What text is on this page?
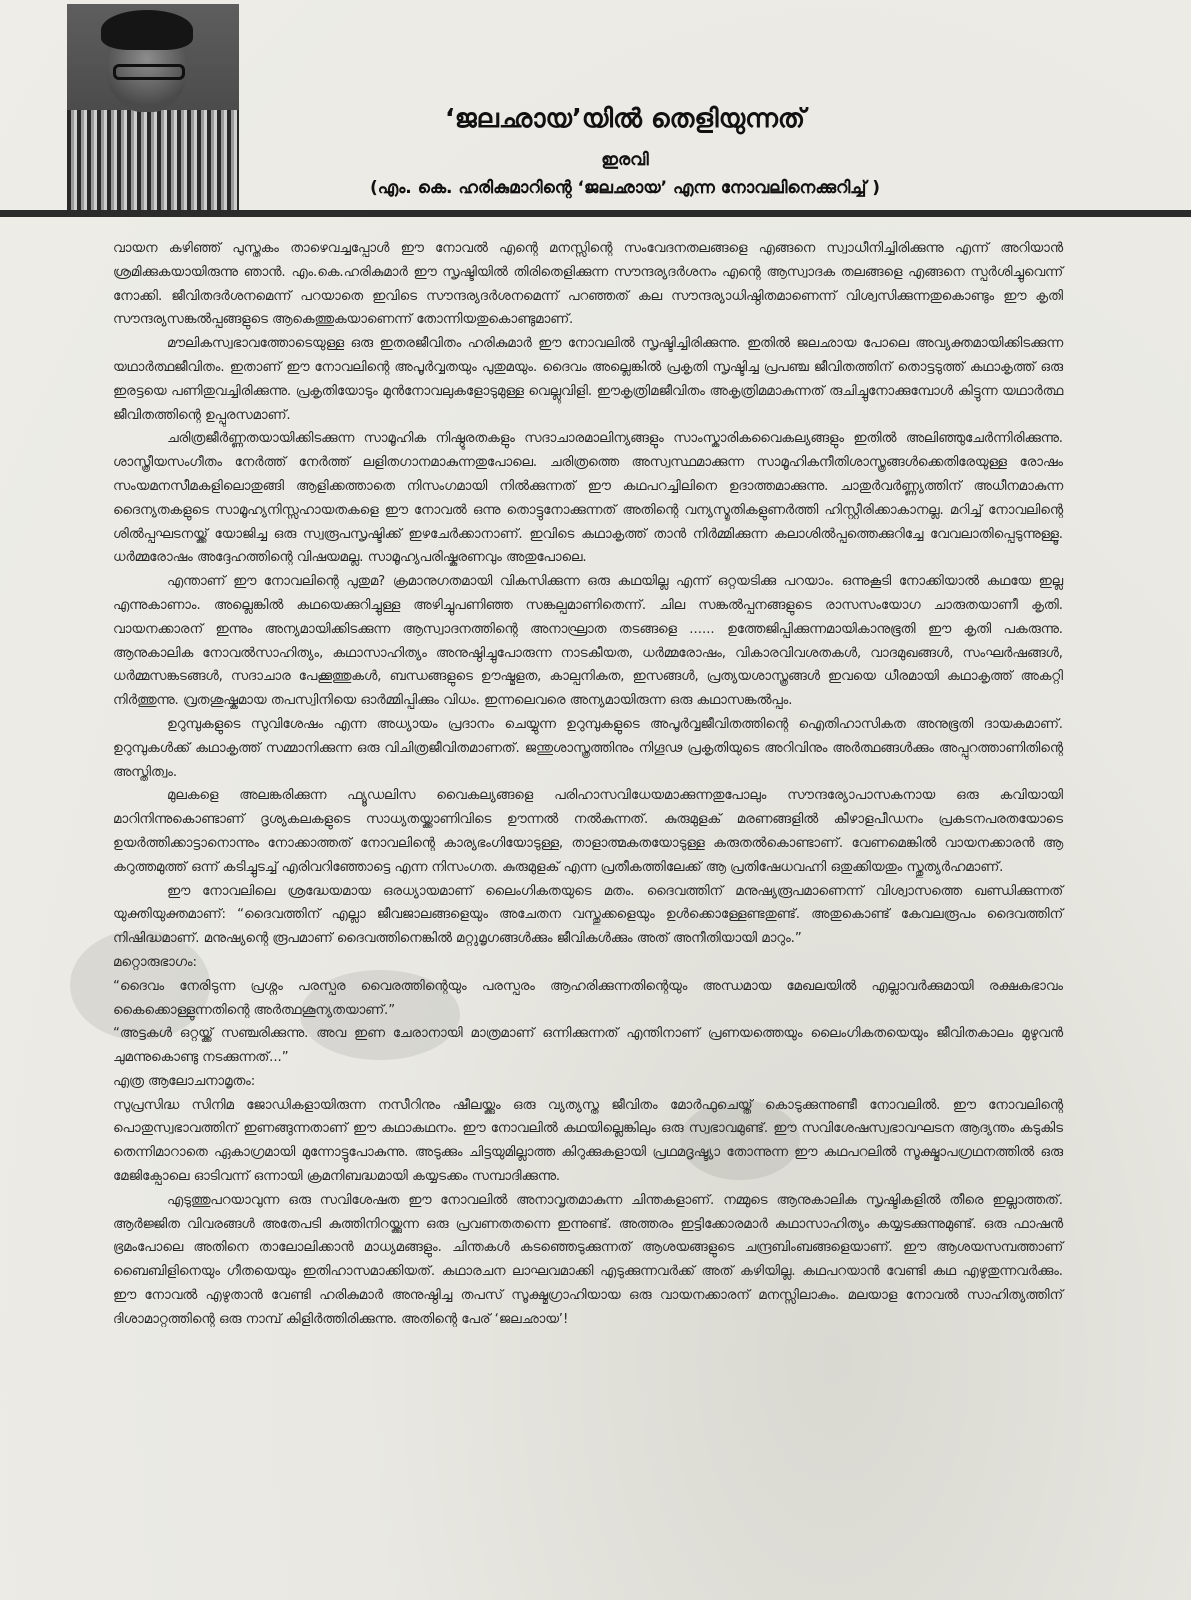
‘ജലഛായ’യിൽ തെളിയുന്നത്
ഇരവി
(എം. കെ. ഹരികുമാറിന്റെ ‘ജലഛായ’ എന്ന നോവലിനെക്കുറിച്ച് )

വായന കഴിഞ്ഞ് പുസ്തകം താഴെവച്ചപ്പോൾ ഈ നോവൽ എന്റെ മനസ്സിന്റെ സംവേദനതലങ്ങളെ എങ്ങനെ സ്വാധീനിച്ചിരിക്കുന്നു എന്ന് അറിയാൻ ശ്രമിക്കുകയായിരുന്നു ഞാൻ. എം.കെ.ഹരികുമാർ ഈ സൃഷ്ടിയിൽ തിരിതെളിക്കുന്ന സൗന്ദര്യദർശനം എന്റെ ആസ്വാദക തലങ്ങളെ എങ്ങനെ സ്പർശിച്ചുവെന്ന് നോക്കി. ജീവിതദർശനമെന്ന് പറയാതെ ഇവിടെ സൗന്ദര്യദർശനമെന്ന് പറഞ്ഞത് കല സൗന്ദര്യാധിഷ്ഠിതമാണെന്ന് വിശ്വസിക്കുന്നതുകൊണ്ടും ഈ കൃതി സൗന്ദര്യസങ്കൽപ്പങ്ങളുടെ ആകെത്തുകയാണെന്ന് തോന്നിയതുകൊണ്ടുമാണ്.

മൗലികസ്വഭാവത്തോടെയുള്ള ഒരു ഇതരജീവിതം ഹരികുമാർ ഈ നോവലിൽ സൃഷ്ടിച്ചിരിക്കുന്നു. ഇതിൽ ജലഛായ പോലെ അവ്യക്തമായിക്കിടക്കുന്ന യഥാർത്ഥജീവിതം. ഇതാണ് ഈ നോവലിന്റെ അപൂർവ്വതയും പുതുമയും. ദൈവം അല്ലെങ്കിൽ പ്രകൃതി സൃഷ്ടിച്ച പ്രപഞ്ച ജീവിതത്തിന് തൊട്ടടുത്ത് കഥാകൃത്ത് ഒരു ഇരട്ടയെ പണിതുവച്ചിരിക്കുന്നു. പ്രകൃതിയോടും മുൻനോവലുകളോടുമുള്ള വെല്ലുവിളി. ഈകൃത്രിമജീവിതം അകൃത്രിമമാകുന്നത് രുചിച്ചുനോക്കുമ്പോൾ കിട്ടുന്ന യഥാർത്ഥ ജീവിതത്തിന്റെ ഉപ്പുരസമാണ്.

ചരിത്രജീർണ്ണതയായിക്കിടക്കുന്ന സാമൂഹിക നിഷ്ഠൂരതകളും സദാചാരമാലിന്യങ്ങളും സാംസ്കാരികവൈകല്യങ്ങളും ഇതിൽ അലിഞ്ഞുചേർന്നിരിക്കുന്നു. ശാസ്ത്രീയസംഗീതം നേർത്ത് നേർത്ത് ലളിതഗാനമാകുന്നതുപോലെ. ചരിത്രത്തെ അസ്വസ്ഥമാക്കുന്ന സാമൂഹികനീതിശാസ്ത്രങ്ങൾക്കെതിരേയുള്ള രോഷം സംയമനസീമകളിലൊതുങ്ങി ആളിക്കത്താതെ നിസംഗമായി നിൽക്കുന്നത് ഈ കഥപറച്ചിലിനെ ഉദാത്തമാക്കുന്നു. ചാതുർവർണ്ണ്യത്തിന് അധീനമാകുന്ന ദൈന്യതകളുടെ സാമൂഹ്യനിസ്സഹായതകളെ ഈ നോവൽ ഒന്നു തൊട്ടുനോക്കുന്നത് അതിന്റെ വന്യസ്മൃതികളുണർത്തി ഹിസ്റ്റീരിക്കാകാനല്ല. മറിച്ച് നോവലിന്റെ ശിൽപ്പഘടനയ്ക്ക് യോജിച്ച ഒരു സ്വരൂപസൃഷ്ടിക്ക് ഇഴചേർക്കാനാണ്. ഇവിടെ കഥാകൃത്ത് താൻ നിർമ്മിക്കുന്ന കലാശിൽപ്പത്തെക്കുറിച്ചേ വേവലാതിപ്പെടുന്നുള്ളൂ. ധർമ്മരോഷം അദ്ദേഹത്തിന്റെ വിഷയമല്ല. സാമൂഹ്യപരിഷ്കരണവും അതുപോലെ.

എന്താണ് ഈ നോവലിന്റെ പുതുമ? ക്രമാനുഗതമായി വികസിക്കുന്ന ഒരു കഥയില്ല എന്ന് ഒറ്റയടിക്കു പറയാം. ഒന്നുകൂടി നോക്കിയാൽ കഥയേ ഇല്ല എന്നുകാണാം. അല്ലെങ്കിൽ കഥയെക്കുറിച്ചുള്ള അഴിച്ചുപണിഞ്ഞ സങ്കല്പമാണിതെന്ന്. ചില സങ്കൽപ്പനങ്ങളുടെ രാസസംയോഗ ചാരുതയാണീ കൃതി. വായനക്കാരന് ഇന്നും അന്യമായിക്കിടക്കുന്ന ആസ്വാദനത്തിന്റെ അനാഘ്രാത തടങ്ങളെ ...... ഉത്തേജിപ്പിക്കുന്നമായികാനുഭൂതി ഈ കൃതി പകരുന്നു. ആനുകാലിക നോവൽസാഹിത്യം, കഥാസാഹിത്യം അനുഷ്ഠിച്ചുപോരുന്ന നാടകീയത, ധർമ്മരോഷം, വികാരവിവശതകൾ, വാദമുഖങ്ങൾ, സംഘർഷങ്ങൾ, ധർമ്മസങ്കടങ്ങൾ, സദാചാര പേക്കൂത്തുകൾ, ബന്ധങ്ങളുടെ ഊഷ്മളത, കാല്പനികത, ഇസങ്ങൾ, പ്രത്യയശാസ്ത്രങ്ങൾ ഇവയെ ധീരമായി കഥാകൃത്ത് അകറ്റി നിർത്തുന്നു. വ്രതശുഷ്കമായ തപസ്വിനിയെ ഓർമ്മിപ്പിക്കും വിധം. ഇന്നലെവരെ അന്യമായിരുന്ന ഒരു കഥാസങ്കൽപ്പം.

ഉറുമ്പുകളുടെ സുവിശേഷം എന്ന അധ്യായം പ്രദാനം ചെയ്യുന്ന ഉറുമ്പുകളുടെ അപൂർവ്വജീവിതത്തിന്റെ ഐതിഹാസികത അനുഭൂതി ദായകമാണ്. ഉറുമ്പുകൾക്ക് കഥാകൃത്ത് സമ്മാനിക്കുന്ന ഒരു വിചിത്രജീവിതമാണത്. ജന്തുശാസ്ത്രത്തിനും നിഗൂഢ പ്രകൃതിയുടെ അറിവിനും അർത്ഥങ്ങൾക്കും അപ്പുറത്താണിതിന്റെ അസ്തിത്വം.

മുലകളെ അലങ്കരിക്കുന്ന ഫ്യൂഡലിസ വൈകല്യങ്ങളെ പരിഹാസവിധേയമാക്കുന്നതുപോലും സൗന്ദര്യോപാസകനായ ഒരു കവിയായി മാറിനിന്നുകൊണ്ടാണ് ദൃശ്യകലകളുടെ സാധ്യതയ്ക്കാണിവിടെ ഊന്നൽ നൽകുന്നത്. കുരുമുളക് മരണങ്ങളിൽ കീഴാളപീഡനം പ്രകടനപരതയോടെ ഉയർത്തിക്കാട്ടാനൊന്നും നോക്കാത്തത് നോവലിന്റെ കാര്യഭംഗിയോടുള്ള, താളാത്മകതയോടുള്ള കരുതൽകൊണ്ടാണ്. വേണമെങ്കിൽ വായനക്കാരൻ ആ കറുത്തമുത്ത് ഒന്ന് കടിച്ചുടച്ച് എരിവറിഞ്ഞോട്ടെ എന്ന നിസംഗത. കുരുമുളക് എന്ന പ്രതീകത്തിലേക്ക് ആ പ്രതിഷേധവഹ്നി ഒതുക്കിയതും സ്തുത്യർഹമാണ്.

ഈ നോവലിലെ ശ്രദ്ധേയമായ ഒരധ്യായമാണ് ലൈംഗികതയുടെ മതം. ദൈവത്തിന് മനുഷ്യരൂപമാണെന്ന് വിശ്വാസത്തെ ഖണ്ഡിക്കുന്നത് യുക്തിയുക്തമാണ്: “ദൈവത്തിന് എല്ലാ ജീവജാലങ്ങളെയും അചേതന വസ്തുക്കളെയും ഉൾക്കൊള്ളേണ്ടതുണ്ട്. അതുകൊണ്ട് കേവലരൂപം ദൈവത്തിന് നിഷിദ്ധമാണ്. മനുഷ്യന്റെ രൂപമാണ് ദൈവത്തിനെങ്കിൽ മറ്റുമൃഗങ്ങൾക്കും ജീവികൾക്കും അത് അനീതിയായി മാറും.”

മറ്റൊരുഭാഗം:

“ദൈവം നേരിടുന്ന പ്രശ്നം പരസ്പര വൈരത്തിന്റെയും പരസ്പരം ആഹരിക്കുന്നതിന്റെയും അന്ധമായ മേഖലയിൽ എല്ലാവർക്കുമായി രക്ഷകഭാവം കൈക്കൊള്ളുന്നതിന്റെ അർത്ഥശൂന്യതയാണ്.”

“അട്ടകൾ ഒറ്റയ്ക്ക് സഞ്ചരിക്കുന്നു. അവ ഇണ ചേരാനായി മാത്രമാണ് ഒന്നിക്കുന്നത് എന്തിനാണ് പ്രണയത്തെയും ലൈംഗികതയെയും ജീവിതകാലം മുഴുവൻ ചുമന്നുകൊണ്ടു നടക്കുന്നത്...”

എത്ര ആലോചനാമൃതം:

സുപ്രസിദ്ധ സിനിമ ജോഡികളായിരുന്ന നസീറിനും ഷീലയ്ക്കും ഒരു വ്യത്യസ്ത ജീവിതം മോർഫുചെയ്ത് കൊടുക്കുന്നുണ്ടീ നോവലിൽ. ഈ നോവലിന്റെ പൊതുസ്വഭാവത്തിന് ഇണങ്ങുന്നതാണ് ഈ കഥാകഥനം. ഈ നോവലിൽ കഥയില്ലെങ്കിലും ഒരു സ്വഭാവമുണ്ട്. ഈ സവിശേഷസ്വഭാവഘടന ആദ്യന്തം കടുകിട തെന്നിമാറാതെ ഏകാഗ്രമായി മുന്നോട്ടുപോകുന്നു. അടുക്കും ചിട്ടയുമില്ലാത്ത കിറുക്കുകളായി പ്രഥമദൃഷ്ട്യാ തോന്നുന്ന ഈ കഥപറലിൽ സൂക്ഷ്മാപഗ്രഥനത്തിൽ ഒരു മേജിക്പോലെ ഓടിവന്ന് ഒന്നായി ക്രമനിബദ്ധമായി കയ്യടക്കം സമ്പാദിക്കുന്നു.

എടുത്തുപറയാവുന്ന ഒരു സവിശേഷത ഈ നോവലിൽ അനാവൃതമാകുന്ന ചിന്തകളാണ്. നമ്മുടെ ആനുകാലിക സൃഷ്ടികളിൽ തീരെ ഇല്ലാത്തത്. ആർജ്ജിത വിവരങ്ങൾ അതേപടി കുത്തിനിറയ്ക്കുന്ന ഒരു പ്രവണതതന്നെ ഇന്നുണ്ട്. അത്തരം ഇട്ടിക്കോരമാർ കഥാസാഹിത്യം കയ്യടക്കുന്നുമുണ്ട്. ഒരു ഫാഷൻ ഭ്രമംപോലെ അതിനെ താലോലിക്കാൻ മാധ്യമങ്ങളും. ചിന്തകൾ കടഞ്ഞെടുക്കുന്നത് ആശയങ്ങളുടെ ചന്ദ്രബിംബങ്ങളെയാണ്. ഈ ആശയസമ്പത്താണ് ബൈബിളിനെയും ഗീതയെയും ഇതിഹാസമാക്കിയത്. കഥാരചന ലാഘവമാക്കി എടുക്കുന്നവർക്ക് അത് കഴിയില്ല. കഥപറയാൻ വേണ്ടി കഥ എഴുതുന്നവർക്കും. ഈ നോവൽ എഴുതാൻ വേണ്ടി ഹരികുമാർ അനുഷ്ഠിച്ച തപസ് സൂക്ഷ്മഗ്രാഹിയായ ഒരു വായനക്കാരന് മനസ്സിലാകും. മലയാള നോവൽ സാഹിത്യത്തിന് ദിശാമാറ്റത്തിന്റെ ഒരു നാമ്പ് കിളിർത്തിരിക്കുന്നു. അതിന്റെ പേര് ‘ജലഛായ’!
